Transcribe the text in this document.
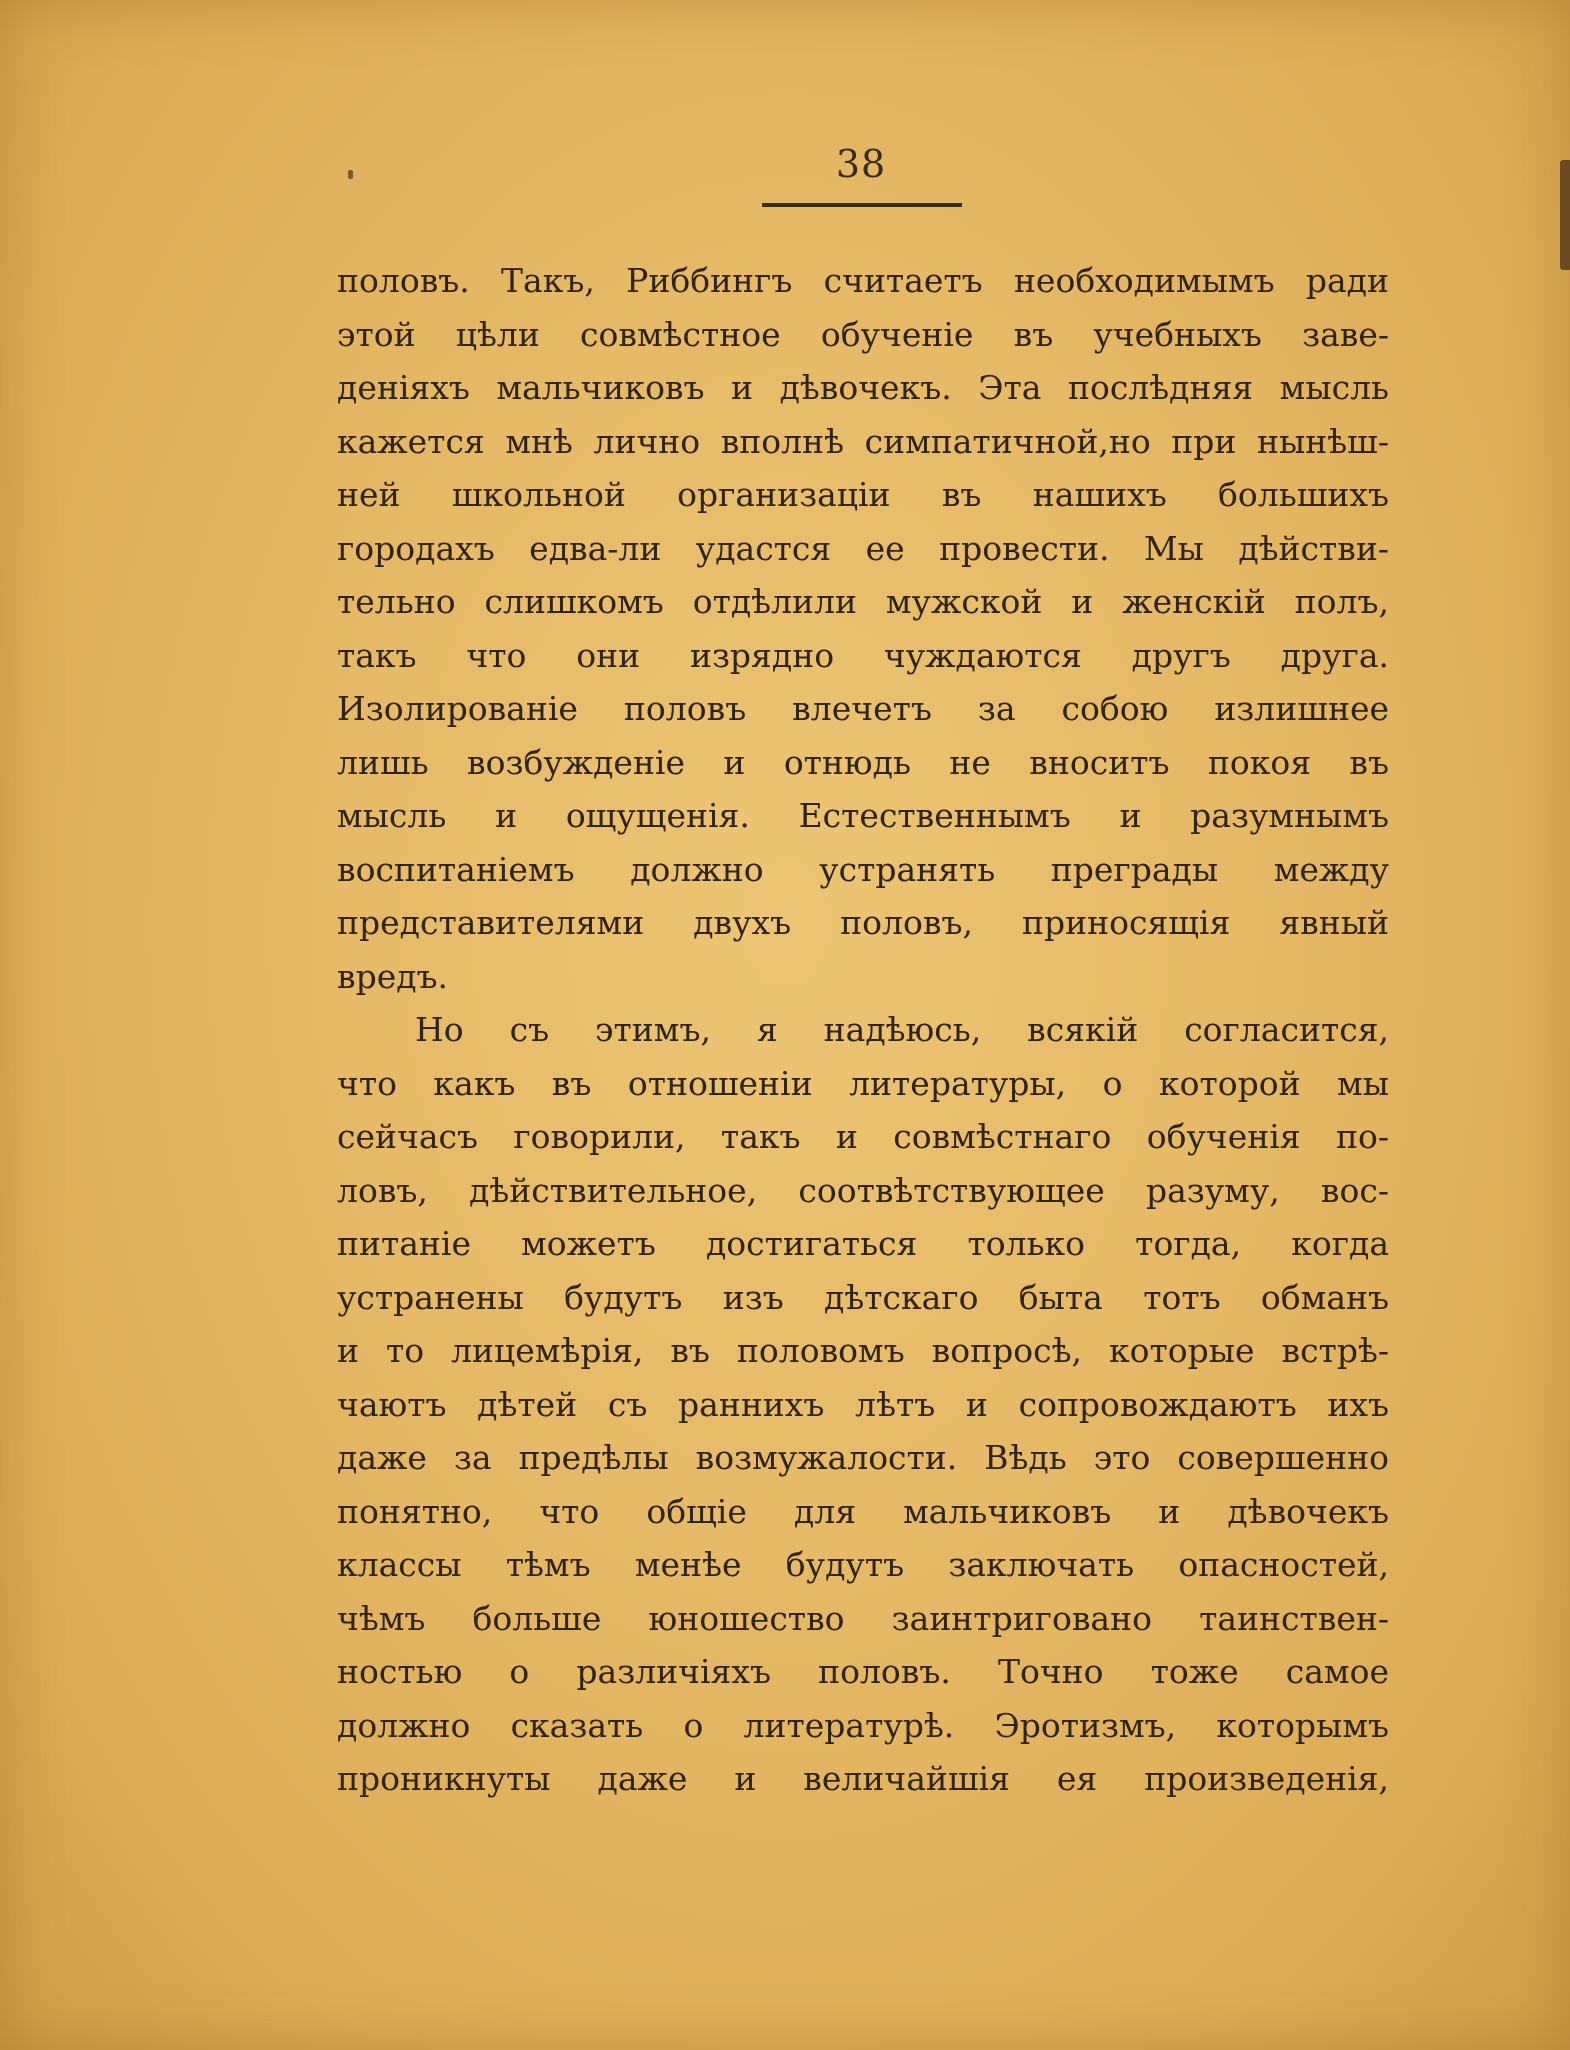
38
половъ. Такъ, Риббингъ считаетъ необходимымъ ради
этой цѣли совмѣстное обученіе въ учебныхъ заве-
деніяхъ мальчиковъ и дѣвочекъ. Эта послѣдняя мысль
кажется мнѣ лично вполнѣ симпатичной,но при нынѣш-
ней школьной организаціи въ нашихъ большихъ
городахъ едва-ли удастся ее провести. Мы дѣйстви-
тельно слишкомъ отдѣлили мужской и женскій полъ,
такъ что они изрядно чуждаются другъ друга.
Изолированіе половъ влечетъ за собою излишнее
лишь возбужденіе и отнюдь не вноситъ покоя въ
мысль и ощущенія. Естественнымъ и разумнымъ
воспитаніемъ должно устранять преграды между
представителями двухъ половъ, приносящія явный
вредъ.
Но съ этимъ, я надѣюсь, всякій согласится,
что какъ въ отношеніи литературы, о которой мы
сейчасъ говорили, такъ и совмѣстнаго обученія по-
ловъ, дѣйствительное, соотвѣтствующее разуму, вос-
питаніе можетъ достигаться только тогда, когда
устранены будутъ изъ дѣтскаго быта тотъ обманъ
и то лицемѣрія, въ половомъ вопросѣ, которые встрѣ-
чаютъ дѣтей съ раннихъ лѣтъ и сопровождаютъ ихъ
даже за предѣлы возмужалости. Вѣдь это совершенно
понятно, что общіе для мальчиковъ и дѣвочекъ
классы тѣмъ менѣе будутъ заключать опасностей,
чѣмъ больше юношество заинтриговано таинствен-
ностью о различіяхъ половъ. Точно тоже самое
должно сказать о литературѣ. Эротизмъ, которымъ
проникнуты даже и величайшія ея произведенія,
